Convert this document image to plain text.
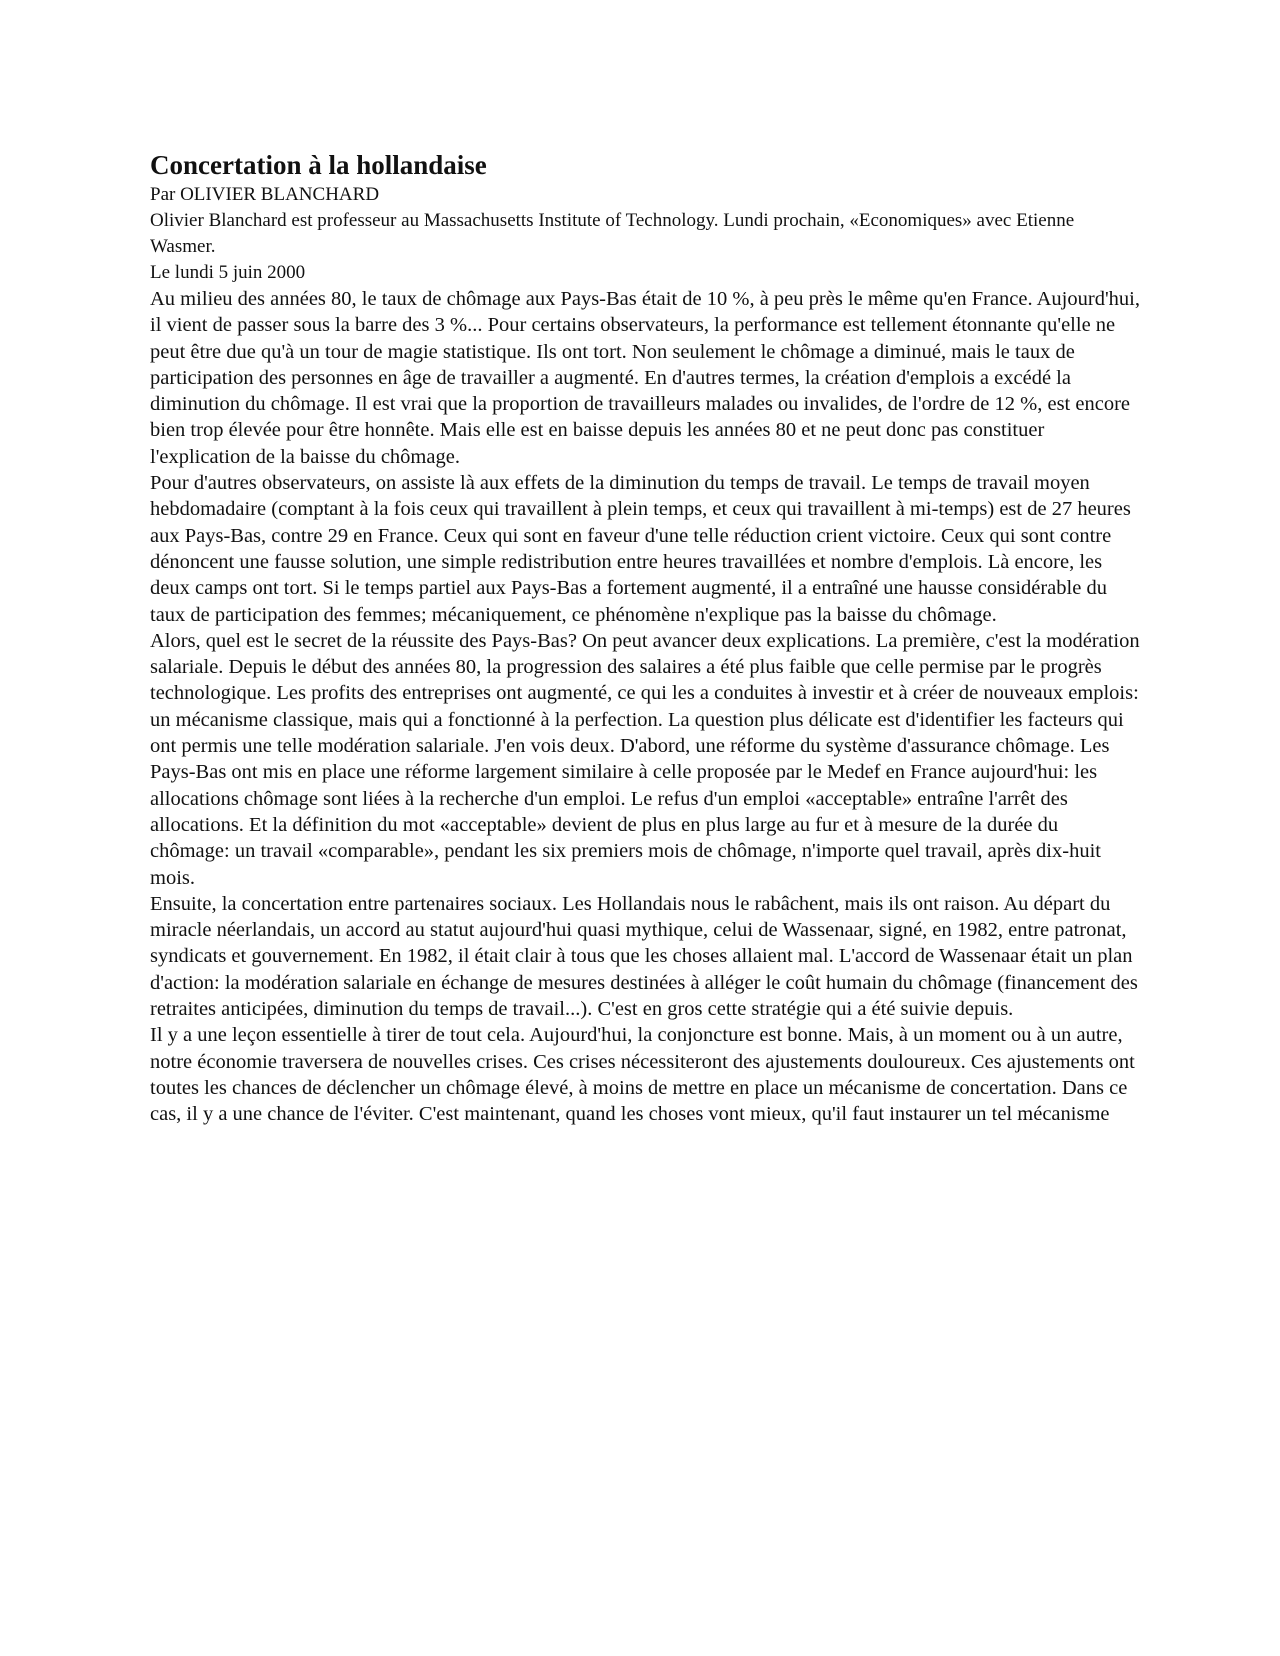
Concertation à la hollandaise

Par OLIVIER BLANCHARD

Olivier Blanchard est professeur au Massachusetts Institute of Technology. Lundi prochain, «Economiques» avec Etienne Wasmer.

Le lundi 5 juin 2000

Au milieu des années 80, le taux de chômage aux Pays-Bas était de 10 %, à peu près le même qu'en France. Aujourd'hui, il vient de passer sous la barre des 3 %... Pour certains observateurs, la performance est tellement étonnante qu'elle ne peut être due qu'à un tour de magie statistique. Ils ont tort. Non seulement le chômage a diminué, mais le taux de participation des personnes en âge de travailler a augmenté. En d'autres termes, la création d'emplois a excédé la diminution du chômage. Il est vrai que la proportion de travailleurs malades ou invalides, de l'ordre de 12 %, est encore bien trop élevée pour être honnête. Mais elle est en baisse depuis les années 80 et ne peut donc pas constituer l'explication de la baisse du chômage.

Pour d'autres observateurs, on assiste là aux effets de la diminution du temps de travail. Le temps de travail moyen hebdomadaire (comptant à la fois ceux qui travaillent à plein temps, et ceux qui travaillent à mi-temps) est de 27 heures aux Pays-Bas, contre 29 en France. Ceux qui sont en faveur d'une telle réduction crient victoire. Ceux qui sont contre dénoncent une fausse solution, une simple redistribution entre heures travaillées et nombre d'emplois. Là encore, les deux camps ont tort. Si le temps partiel aux Pays-Bas a fortement augmenté, il a entraîné une hausse considérable du taux de participation des femmes; mécaniquement, ce phénomène n'explique pas la baisse du chômage.

Alors, quel est le secret de la réussite des Pays-Bas? On peut avancer deux explications. La première, c'est la modération salariale. Depuis le début des années 80, la progression des salaires a été plus faible que celle permise par le progrès technologique. Les profits des entreprises ont augmenté, ce qui les a conduites à investir et à créer de nouveaux emplois: un mécanisme classique, mais qui a fonctionné à la perfection. La question plus délicate est d'identifier les facteurs qui ont permis une telle modération salariale. J'en vois deux. D'abord, une réforme du système d'assurance chômage. Les Pays-Bas ont mis en place une réforme largement similaire à celle proposée par le Medef en France aujourd'hui: les allocations chômage sont liées à la recherche d'un emploi. Le refus d'un emploi «acceptable» entraîne l'arrêt des allocations. Et la définition du mot «acceptable» devient de plus en plus large au fur et à mesure de la durée du chômage: un travail «comparable», pendant les six premiers mois de chômage, n'importe quel travail, après dix-huit mois.

Ensuite, la concertation entre partenaires sociaux. Les Hollandais nous le rabâchent, mais ils ont raison. Au départ du miracle néerlandais, un accord au statut aujourd'hui quasi mythique, celui de Wassenaar, signé, en 1982, entre patronat, syndicats et gouvernement. En 1982, il était clair à tous que les choses allaient mal. L'accord de Wassenaar était un plan d'action: la modération salariale en échange de mesures destinées à alléger le coût humain du chômage (financement des retraites anticipées, diminution du temps de travail...). C'est en gros cette stratégie qui a été suivie depuis.

Il y a une leçon essentielle à tirer de tout cela. Aujourd'hui, la conjoncture est bonne. Mais, à un moment ou à un autre, notre économie traversera de nouvelles crises. Ces crises nécessiteront des ajustements douloureux. Ces ajustements ont toutes les chances de déclencher un chômage élevé, à moins de mettre en place un mécanisme de concertation. Dans ce cas, il y a une chance de l'éviter. C'est maintenant, quand les choses vont mieux, qu'il faut instaurer un tel mécanisme
